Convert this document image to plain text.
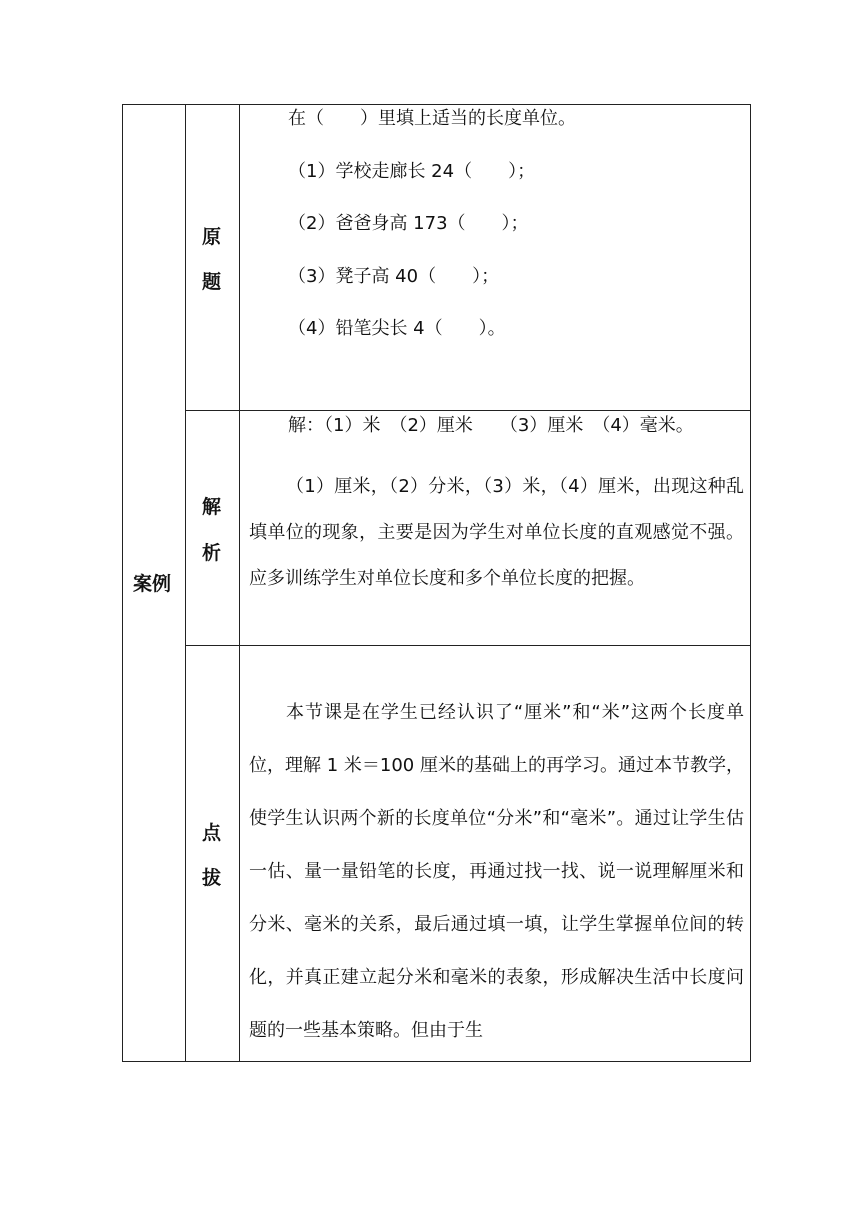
案例

原

题

在（　　）里填上适当的长度单位。

（1）学校走廊长 24（　　）；

（2）爸爸身高 173（　　）；

（3）凳子高 40（　　）；

（4）铅笔尖长 4（　　）。

解

析

解：（1）米　（2）厘米　　（3）厘米　（4）毫米。

（1）厘米，（2）分米，（3）米，（4）厘米，出现这种乱填单位的现象，主要是因为学生对单位长度的直观感觉不强。应多训练学生对单位长度和多个单位长度的把握。

点

拔

本节课是在学生已经认识了“厘米”和“米”这两个长度单位，理解 1 米＝100 厘米的基础上的再学习。通过本节教学，使学生认识两个新的长度单位“分米”和“毫米”。通过让学生估一估、量一量铅笔的长度，再通过找一找、说一说理解厘米和分米、毫米的关系，最后通过填一填，让学生掌握单位间的转化，并真正建立起分米和毫米的表象，形成解决生活中长度问题的一些基本策略。但由于生
